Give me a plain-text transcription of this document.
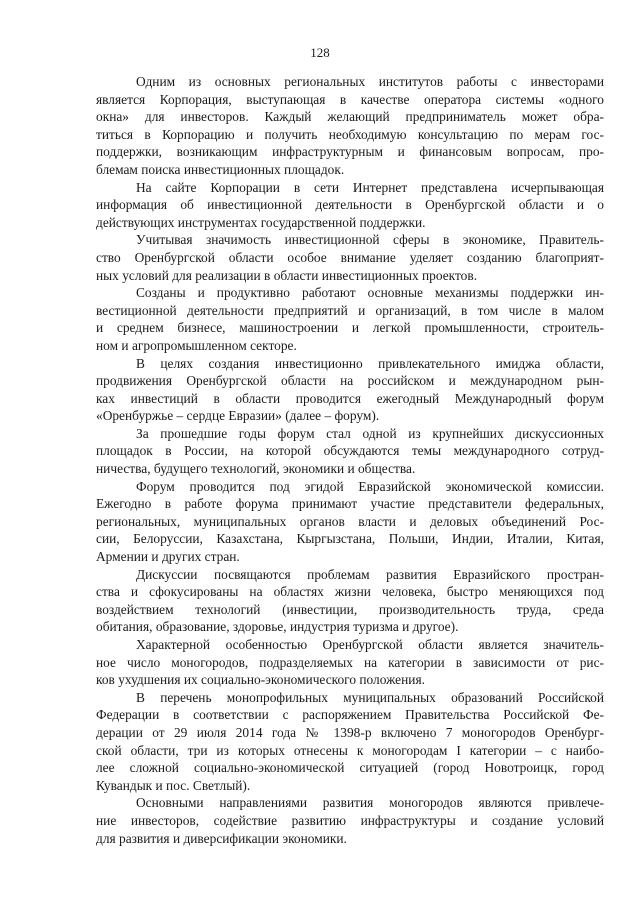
128
Одним из основных региональных институтов работы с инвесторами
является Корпорация, выступающая в качестве оператора системы «одного
окна» для инвесторов. Каждый желающий предприниматель может обра-
титься в Корпорацию и получить необходимую консультацию по мерам гос-
поддержки, возникающим инфраструктурным и финансовым вопросам, про-
блемам поиска инвестиционных площадок.
На сайте Корпорации в сети Интернет представлена исчерпывающая
информация об инвестиционной деятельности в Оренбургской области и о
действующих инструментах государственной поддержки.
Учитывая значимость инвестиционной сферы в экономике, Правитель-
ство Оренбургской области особое внимание уделяет созданию благоприят-
ных условий для реализации в области инвестиционных проектов.
Созданы и продуктивно работают основные механизмы поддержки ин-
вестиционной деятельности предприятий и организаций, в том числе в малом
и среднем бизнесе, машиностроении и легкой промышленности, строитель-
ном и агропромышленном секторе.
В целях создания инвестиционно привлекательного имиджа области,
продвижения Оренбургской области на российском и международном рын-
ках инвестиций в области проводится ежегодный Международный форум
«Оренбуржье – сердце Евразии» (далее – форум).
За прошедшие годы форум стал одной из крупнейших дискуссионных
площадок в России, на которой обсуждаются темы международного сотруд-
ничества, будущего технологий, экономики и общества.
Форум проводится под эгидой Евразийской экономической комиссии.
Ежегодно в работе форума принимают участие представители федеральных,
региональных, муниципальных органов власти и деловых объединений Рос-
сии, Белоруссии, Казахстана, Кыргызстана, Польши, Индии, Италии, Китая,
Армении и других стран.
Дискуссии посвящаются проблемам развития Евразийского простран-
ства и сфокусированы на областях жизни человека, быстро меняющихся под
воздействием технологий (инвестиции, производительность труда, среда
обитания, образование, здоровье, индустрия туризма и другое).
Характерной особенностью Оренбургской области является значитель-
ное число моногородов, подразделяемых на категории в зависимости от рис-
ков ухудшения их социально-экономического положения.
В перечень монопрофильных муниципальных образований Российской
Федерации в соответствии с распоряжением Правительства Российской Фе-
дерации от 29 июля 2014 года № 1398-р включено 7 моногородов Оренбург-
ской области, три из которых отнесены к моногородам I категории – с наибо-
лее сложной социально-экономической ситуацией (город Новотроицк, город
Кувандык и пос. Светлый).
Основными направлениями развития моногородов являются привлече-
ние инвесторов, содействие развитию инфраструктуры и создание условий
для развития и диверсификации экономики.
